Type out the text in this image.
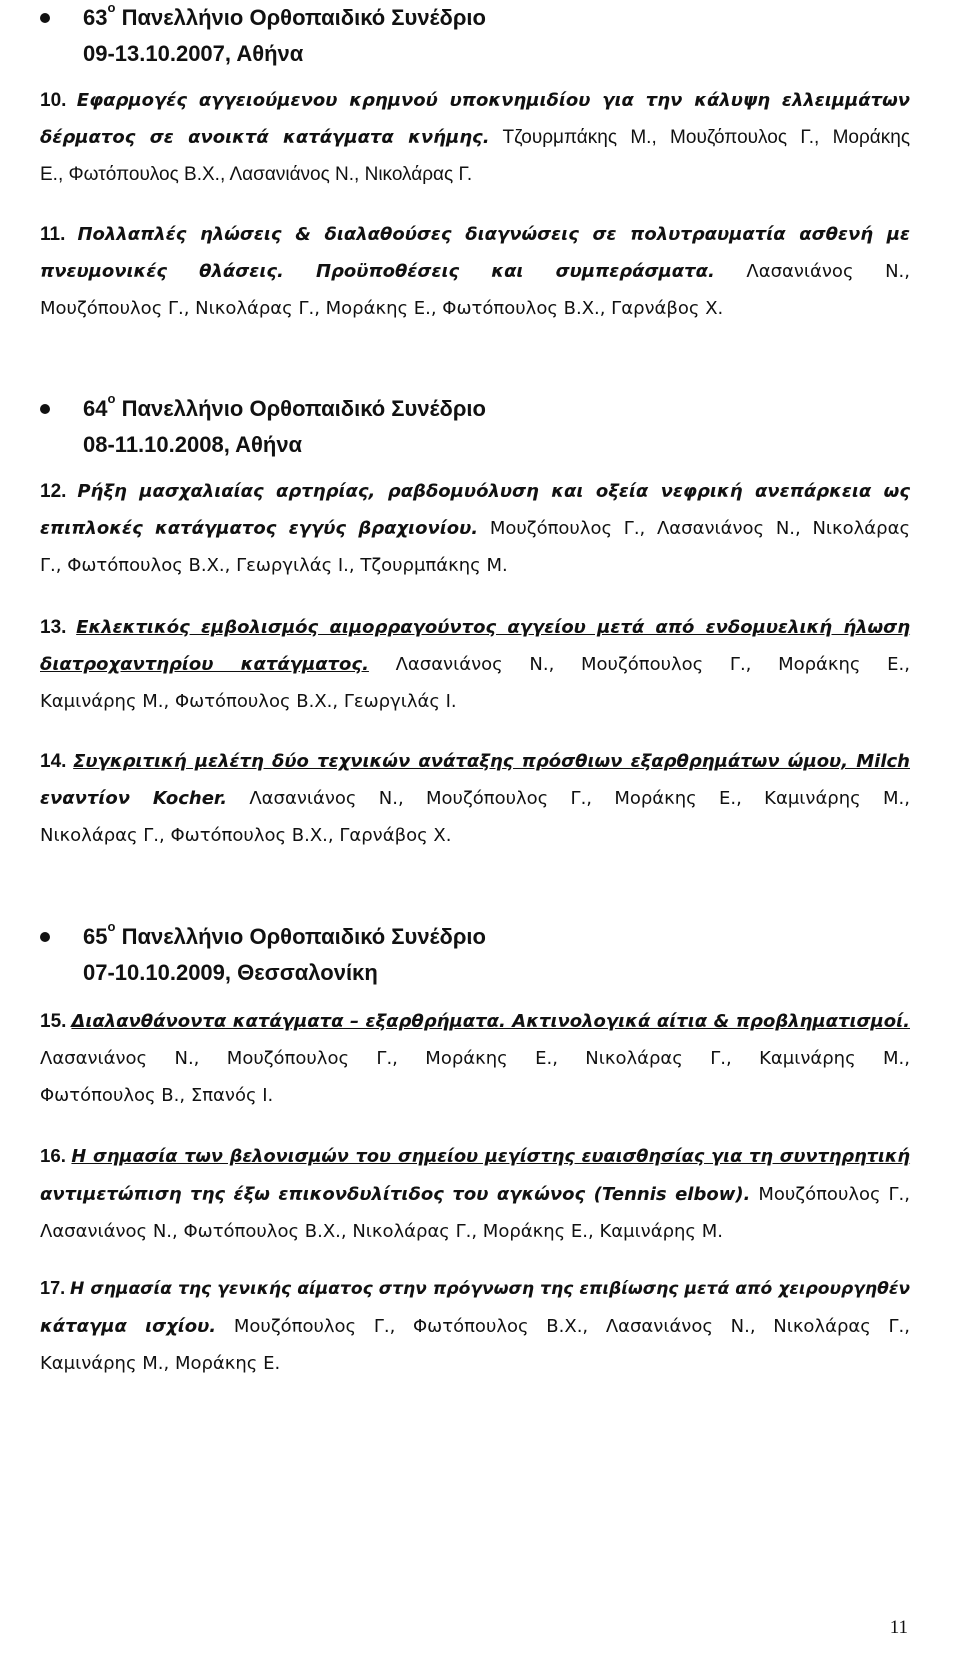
$63^o$ Πανελλήνιο Ορθοπαιδικό Συνέδριο
09-13.10.2007, Αθήνα
10. Εφαρμογές αγγειούμενου κρημνού υποκνημιδίου για την κάλυψη ελλειμμάτων
δέρματος σε ανοικτά κατάγματα κνήμης. Τζουρμπάκης Μ., Μουζόπουλος Γ., Μοράκης
Ε., Φωτόπουλος Β.Χ., Λασανιάνος Ν., Νικολάρας Γ.
11. Πολλαπλές ηλώσεις & διαλαθούσες διαγνώσεις σε πολυτραυματία ασθενή με
πνευμονικές θλάσεις. Προϋποθέσεις και συμπεράσματα. Λασανιάνος Ν.,
Μουζόπουλος Γ., Νικολάρας Γ., Μοράκης Ε., Φωτόπουλος Β.Χ., Γαρνάβος Χ.
$64^o$ Πανελλήνιο Ορθοπαιδικό Συνέδριο
08-11.10.2008, Αθήνα
12. Ρήξη μασχαλιαίας αρτηρίας, ραβδομυόλυση και οξεία νεφρική ανεπάρκεια ως
επιπλοκές κατάγματος εγγύς βραχιονίου. Μουζόπουλος Γ., Λασανιάνος Ν., Νικολάρας
Γ., Φωτόπουλος Β.Χ., Γεωργιλάς Ι., Τζουρμπάκης Μ.
13. Εκλεκτικός εμβολισμός αιμορραγούντος αγγείου μετά από ενδομυελική ήλωση
διατροχαντηρίου κατάγματος. Λασανιάνος Ν., Μουζόπουλος Γ., Μοράκης Ε.,
Καμινάρης Μ., Φωτόπουλος Β.Χ., Γεωργιλάς Ι.
14. Συγκριτική μελέτη δύο τεχνικών ανάταξης πρόσθιων εξαρθρημάτων ώμου, Milch
εναντίον Kocher. Λασανιάνος Ν., Μουζόπουλος Γ., Μοράκης Ε., Καμινάρης Μ.,
Νικολάρας Γ., Φωτόπουλος Β.Χ., Γαρνάβος Χ.
$65^o$ Πανελλήνιο Ορθοπαιδικό Συνέδριο
07-10.10.2009, Θεσσαλονίκη
15. Διαλανθάνοντα κατάγματα – εξαρθρήματα. Ακτινολογικά αίτια & προβληματισμοί.
Λασανιάνος Ν., Μουζόπουλος Γ., Μοράκης Ε., Νικολάρας Γ., Καμινάρης Μ.,
Φωτόπουλος Β., Σπανός Ι.
16. Η σημασία των βελονισμών του σημείου μεγίστης ευαισθησίας για τη συντηρητική
αντιμετώπιση της έξω επικονδυλίτιδος του αγκώνος (Tennis elbow). Μουζόπουλος Γ.,
Λασανιάνος Ν., Φωτόπουλος Β.Χ., Νικολάρας Γ., Μοράκης Ε., Καμινάρης Μ.
17. Η σημασία της γενικής αίματος στην πρόγνωση της επιβίωσης μετά από χειρουργηθέν
κάταγμα ισχίου. Μουζόπουλος Γ., Φωτόπουλος Β.Χ., Λασανιάνος Ν., Νικολάρας Γ.,
Καμινάρης Μ., Μοράκης Ε.
11
